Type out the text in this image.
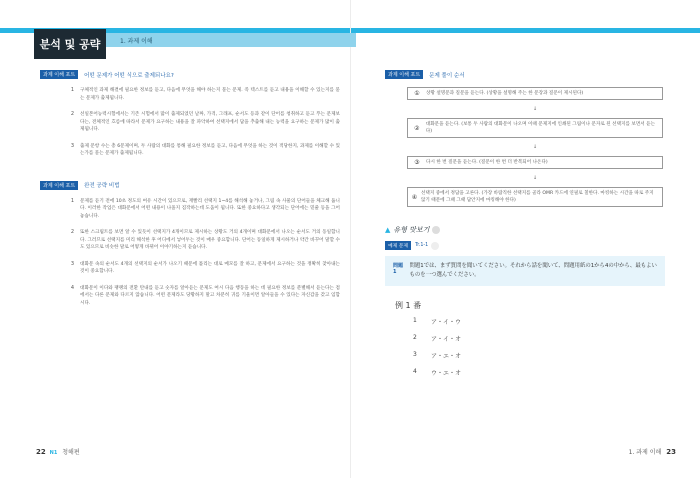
분석 및 공략	1. 과제 이해
과제 이해 포트	어떤 문제가 어떤 식으로 출제되나요?
1	구체적인 과제 해결에 필요한 정보를 듣고, 다음에 무엇을 해야 하는지 묻는 문제. 즉 텍스트를 듣고 내용을 이해할 수 있는지를 묻는 문제가 출제됩니다.
2	선일본어능력시험에서는 기존 시험에서 많이 출제되었던 날짜, 가격, 그래프, 순서도 등과 같이 단어를 청취하고 듣고 푸는 문제보다는, 전체적인 흐름에 따라서 문제가 요구하는 내용을 잘 파악하여 선택지에서 답을 추출해 내는 능력을 요구하는 문제가 많이 출제됩니다.
3	출제 문항 수는 총 6문제이며, 두 사람의 대화를 통해 필요한 정보를 듣고, 다음에 무엇을 하는 것이 적당한지, 과제를 이해할 수 있는가를 묻는 문제가 출제됩니다.
과제 이해 포트	완전 공략 비법
1	문제를 듣기 전에 10초 정도의 여유 시간이 있으므로, 재빨리 선택지 1~4를 해석해 놓거나, 그림 속 사물의 단어들을 체크해 둡니다. 이러한 작업은 대화문에서 어떤 내용이 나올지 짐작하는데 도움이 됩니다. 또한 중요하다고 생각되는 단어에는 밑줄 등을 그어 놓습니다.
2	또한 스크립트를 보면 알 수 있듯이 선택지가 4개이므로 제시하는 상황도 거의 4개이며 대화문에서 나오는 순서도 거의 동일합니다. 그러므로 선택지를 미리 해석한 후 어디에서 넣어두는 것이 매우 중요합니다. 단어는 동일하게 제시하거나 약간 바꾸어 말할 수도 있으므로 비슷한 말로 어떻게 바뀌어 이야기하는지 듣습니다.
3	대화문 속의 순서도 4개의 선택지의 순서가 나오기 때문에 틀리는 대로 메모를 잘 하고, 문제에서 요구하는 것을 정확히 찾아내는 것이 중요합니다.
4	대화문이 이다와 팽팽의 전환 탄내를 듣고 숫자를 알아듣는 문제도 여시 다음 행동을 하는 데 필요한 정보를 분별해서 듣는다는 점에서는 다른 문제와 다르지 않습니다. 어떤 문제라도 당황하지 말고 차분히 귀를 기울이면 알아들을 수 있다는 자신감을 갖고 임합시다.
과제 이해 포트	문제 풀이 순서
①	상황 설명문과 질문을 듣는다. (상황을 설명해 주는 한 문장과 질문이 제시된다)
↓
②	대화문을 듣는다. (보통 두 사람의 대화문이 나오며 이때 문제지에 인쇄된 그림이나 문자로 된 선택지를 보면서 듣는다)
↓
③	다시 한 번 질문을 듣는다. (질문이 한 번 더 반복되어 나온다)
↓
④ 선택지 중에서 정답을 고른다. (가장 바람직한 선택지를 골라 OMR 카드에 연필로 칠한다. 마킹하는 시간을 따로 주지 않기 때문에 그때 그때 답안지에 마킹해야 한다)
▲ 유형 맛보기
예제 문제	Tr.1-1
問題1
問題1では、まず質問を聞いてください。それから話を聞いて、問題用紙の1から4の中から、最もよいものを一つ選んでください。
例 1 番
1	ア・イ・ウ
2	ア・イ・オ
3	ア・エ・オ
4	ウ・エ・オ
22 N1 청해편	1. 과제 이해 23
